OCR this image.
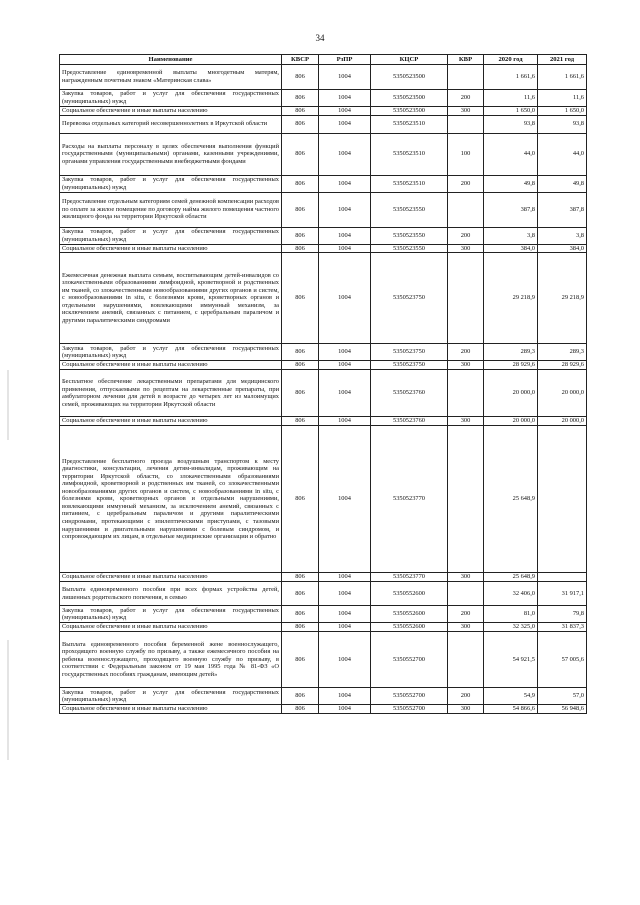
34
Наименование	КВСР	РзПР	КЦСР	КВР	2020 год	2021 год
Предоставление единовременной выплаты многодетным матерям, награжденным почетным знаком «Материнская слава»	806	1004	5350523500		1 661,6	1 661,6
Закупка товаров, работ и услуг для обеспечения государственных (муниципальных) нужд	806	1004	5350523500	200	11,6	11,6
Социальное обеспечение и иные выплаты населению	806	1004	5350523500	300	1 650,0	1 650,0
Перевозка отдельных категорий несовершеннолетних в Иркутской области	806	1004	5350523510		93,8	93,8
Расходы на выплаты персоналу в целях обеспечения выполнения функций государственными (муниципальными) органами, казенными учреждениями, органами управления государственными внебюджетными фондами	806	1004	5350523510	100	44,0	44,0
Закупка товаров, работ и услуг для обеспечения государственных (муниципальных) нужд	806	1004	5350523510	200	49,8	49,8
Предоставление отдельным категориям семей денежной компенсации расходов по оплате за жилое помещение по договору найма жилого помещения частного жилищного фонда на территории Иркутской области	806	1004	5350523550		387,8	387,8
Закупка товаров, работ и услуг для обеспечения государственных (муниципальных) нужд	806	1004	5350523550	200	3,8	3,8
Социальное обеспечение и иные выплаты населению	806	1004	5350523550	300	384,0	384,0
Ежемесячная денежная выплата семьям, воспитывающим детей-инвалидов со злокачественными образованиями лимфоидной, кроветворной и родственных им тканей, со злокачественными новообразованиями других органов и систем, с новообразованиями in situ, с болезнями крови, кроветворных органов и отдельными нарушениями, вовлекающими иммунный механизм, за исключением анемий, связанных с питанием, с церебральным параличом и другими паралитическими синдромами	806	1004	5350523750		29 218,9	29 218,9
Закупка товаров, работ и услуг для обеспечения государственных (муниципальных) нужд	806	1004	5350523750	200	289,3	289,3
Социальное обеспечение и иные выплаты населению	806	1004	5350523750	300	28 929,6	28 929,6
Бесплатное обеспечение лекарственными препаратами для медицинского применения, отпускаемыми по рецептам на лекарственные препараты, при амбулаторном лечении для детей в возрасте до четырех лет из малоимущих семей, проживающих на территории Иркутской области	806	1004	5350523760		20 000,0	20 000,0
Социальное обеспечение и иные выплаты населению	806	1004	5350523760	300	20 000,0	20 000,0
Предоставление бесплатного проезда воздушным транспортом к месту диагностики, консультации, лечения детям-инвалидам, проживающим на территории Иркутской области, со злокачественными образованиями лимфоидной, кроветворной и родственных им тканей, со злокачественными новообразованиями других органов и систем, с новообразованиями in situ, с болезнями крови, кроветворных органов и отдельными нарушениями, вовлекающими иммунный механизм, за исключением анемий, связанных с питанием, с церебральным параличом и другими паралитическими синдромами, протекающими с эпилептическими приступами, с тазовыми нарушениями и двигательными нарушениями с болевым синдромом, и сопровождающим их лицам, в отдельные медицинские организации и обратно	806	1004	5350523770		25 648,9	
Социальное обеспечение и иные выплаты населению	806	1004	5350523770	300	25 648,9	
Выплата единовременного пособия при всех формах устройства детей, лишенных родительского попечения, в семью	806	1004	5350552600		32 406,0	31 917,1
Закупка товаров, работ и услуг для обеспечения государственных (муниципальных) нужд	806	1004	5350552600	200	81,0	79,8
Социальное обеспечение и иные выплаты населению	806	1004	5350552600	300	32 325,0	31 837,3
Выплата единовременного пособия беременной жене военнослужащего, проходящего военную службу по призыву, а также ежемесячного пособия на ребенка военнослужащего, проходящего военную службу по призыву, в соответствии с Федеральным законом от 19 мая 1995 года № 81-ФЗ «О государственных пособиях гражданам, имеющим детей»	806	1004	5350552700		54 921,5	57 005,6
Закупка товаров, работ и услуг для обеспечения государственных (муниципальных) нужд	806	1004	5350552700	200	54,9	57,0
Социальное обеспечение и иные выплаты населению	806	1004	5350552700	300	54 866,6	56 948,6
